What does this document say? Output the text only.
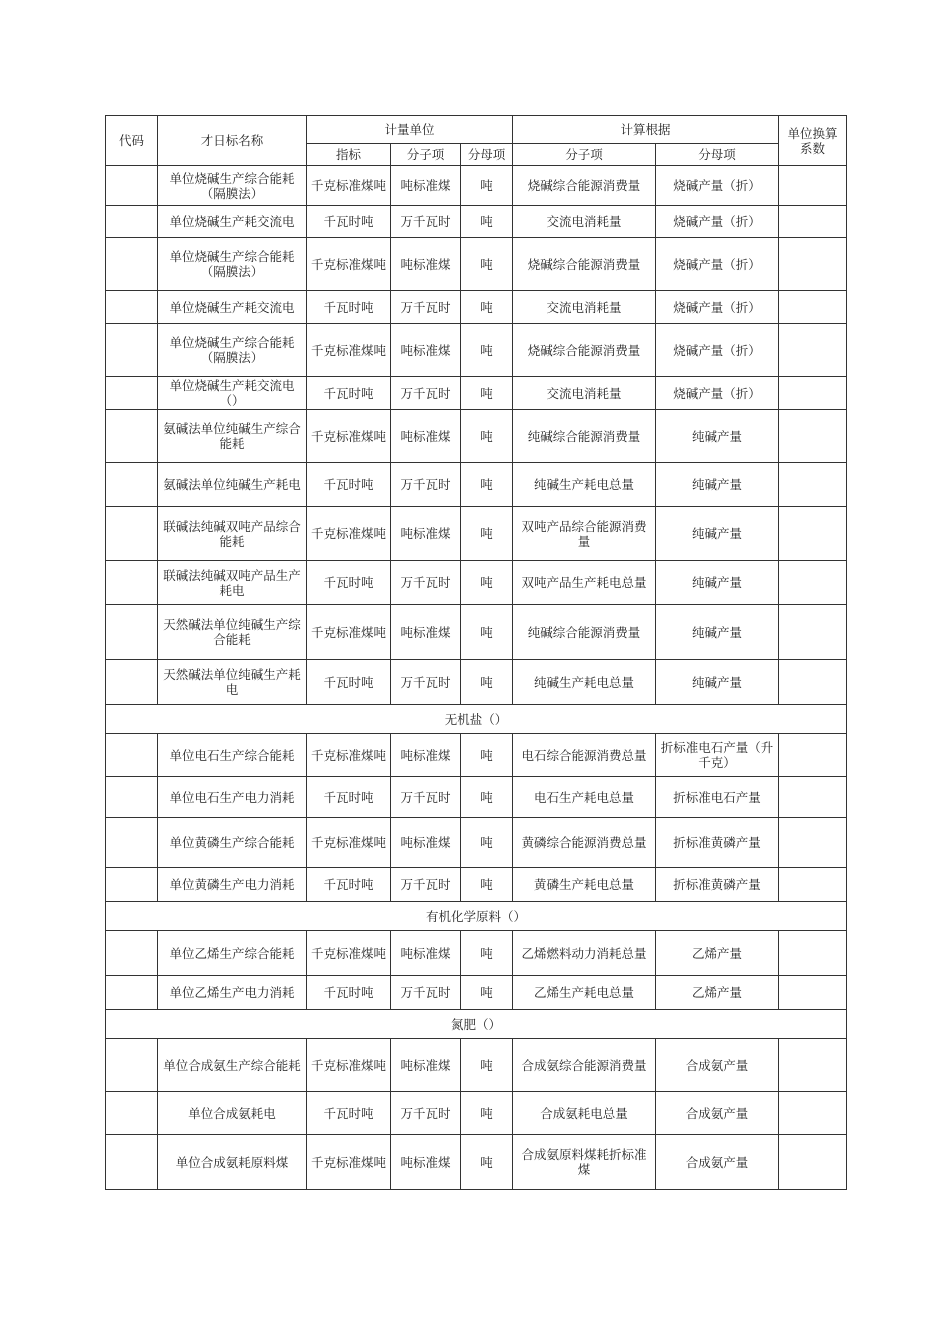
代码	才日标名称	计量单位			计算根据		单位换算系数
		指标	分子项	分母项	分子项	分母项	
	单位烧碱生产综合能耗（隔膜法）	千克标准煤吨	吨标准煤	吨	烧碱综合能源消费量	烧碱产量（折）	
	单位烧碱生产耗交流电	千瓦时吨	万千瓦时	吨	交流电消耗量	烧碱产量（折）	
	单位烧碱生产综合能耗（隔膜法）	千克标准煤吨	吨标准煤	吨	烧碱综合能源消费量	烧碱产量（折）	
	单位烧碱生产耗交流电	千瓦时吨	万千瓦时	吨	交流电消耗量	烧碱产量（折）	
	单位烧碱生产综合能耗（隔膜法）	千克标准煤吨	吨标准煤	吨	烧碱综合能源消费量	烧碱产量（折）	
	单位烧碱生产耗交流电（）	千瓦时吨	万千瓦时	吨	交流电消耗量	烧碱产量（折）	
	氨碱法单位纯碱生产综合能耗	千克标准煤吨	吨标准煤	吨	纯碱综合能源消费量	纯碱产量	
	氨碱法单位纯碱生产耗电	千瓦时吨	万千瓦时	吨	纯碱生产耗电总量	纯碱产量	
	联碱法纯碱双吨产品综合能耗	千克标准煤吨	吨标准煤	吨	双吨产品综合能源消费量	纯碱产量	
	联碱法纯碱双吨产品生产耗电	千瓦时吨	万千瓦时	吨	双吨产品生产耗电总量	纯碱产量	
	天然碱法单位纯碱生产综合能耗	千克标准煤吨	吨标准煤	吨	纯碱综合能源消费量	纯碱产量	
	天然碱法单位纯碱生产耗电	千瓦时吨	万千瓦时	吨	纯碱生产耗电总量	纯碱产量	
无机盐（）							
	单位电石生产综合能耗	千克标准煤吨	吨标准煤	吨	电石综合能源消费总量	折标准电石产量（升千克）	
	单位电石生产电力消耗	千瓦时吨	万千瓦时	吨	电石生产耗电总量	折标准电石产量	
	单位黄磷生产综合能耗	千克标准煤吨	吨标准煤	吨	黄磷综合能源消费总量	折标准黄磷产量	
	单位黄磷生产电力消耗	千瓦时吨	万千瓦时	吨	黄磷生产耗电总量	折标准黄磷产量	
有机化学原料（）							
	单位乙烯生产综合能耗	千克标准煤吨	吨标准煤	吨	乙烯燃料动力消耗总量	乙烯产量	
	单位乙烯生产电力消耗	千瓦时吨	万千瓦时	吨	乙烯生产耗电总量	乙烯产量	
氮肥（）							
	单位合成氨生产综合能耗	千克标准煤吨	吨标准煤	吨	合成氨综合能源消费量	合成氨产量	
	单位合成氨耗电	千瓦时吨	万千瓦时	吨	合成氨耗电总量	合成氨产量	
	单位合成氨耗原料煤	千克标准煤吨	吨标准煤	吨	合成氨原料煤耗折标准煤	合成氨产量	
